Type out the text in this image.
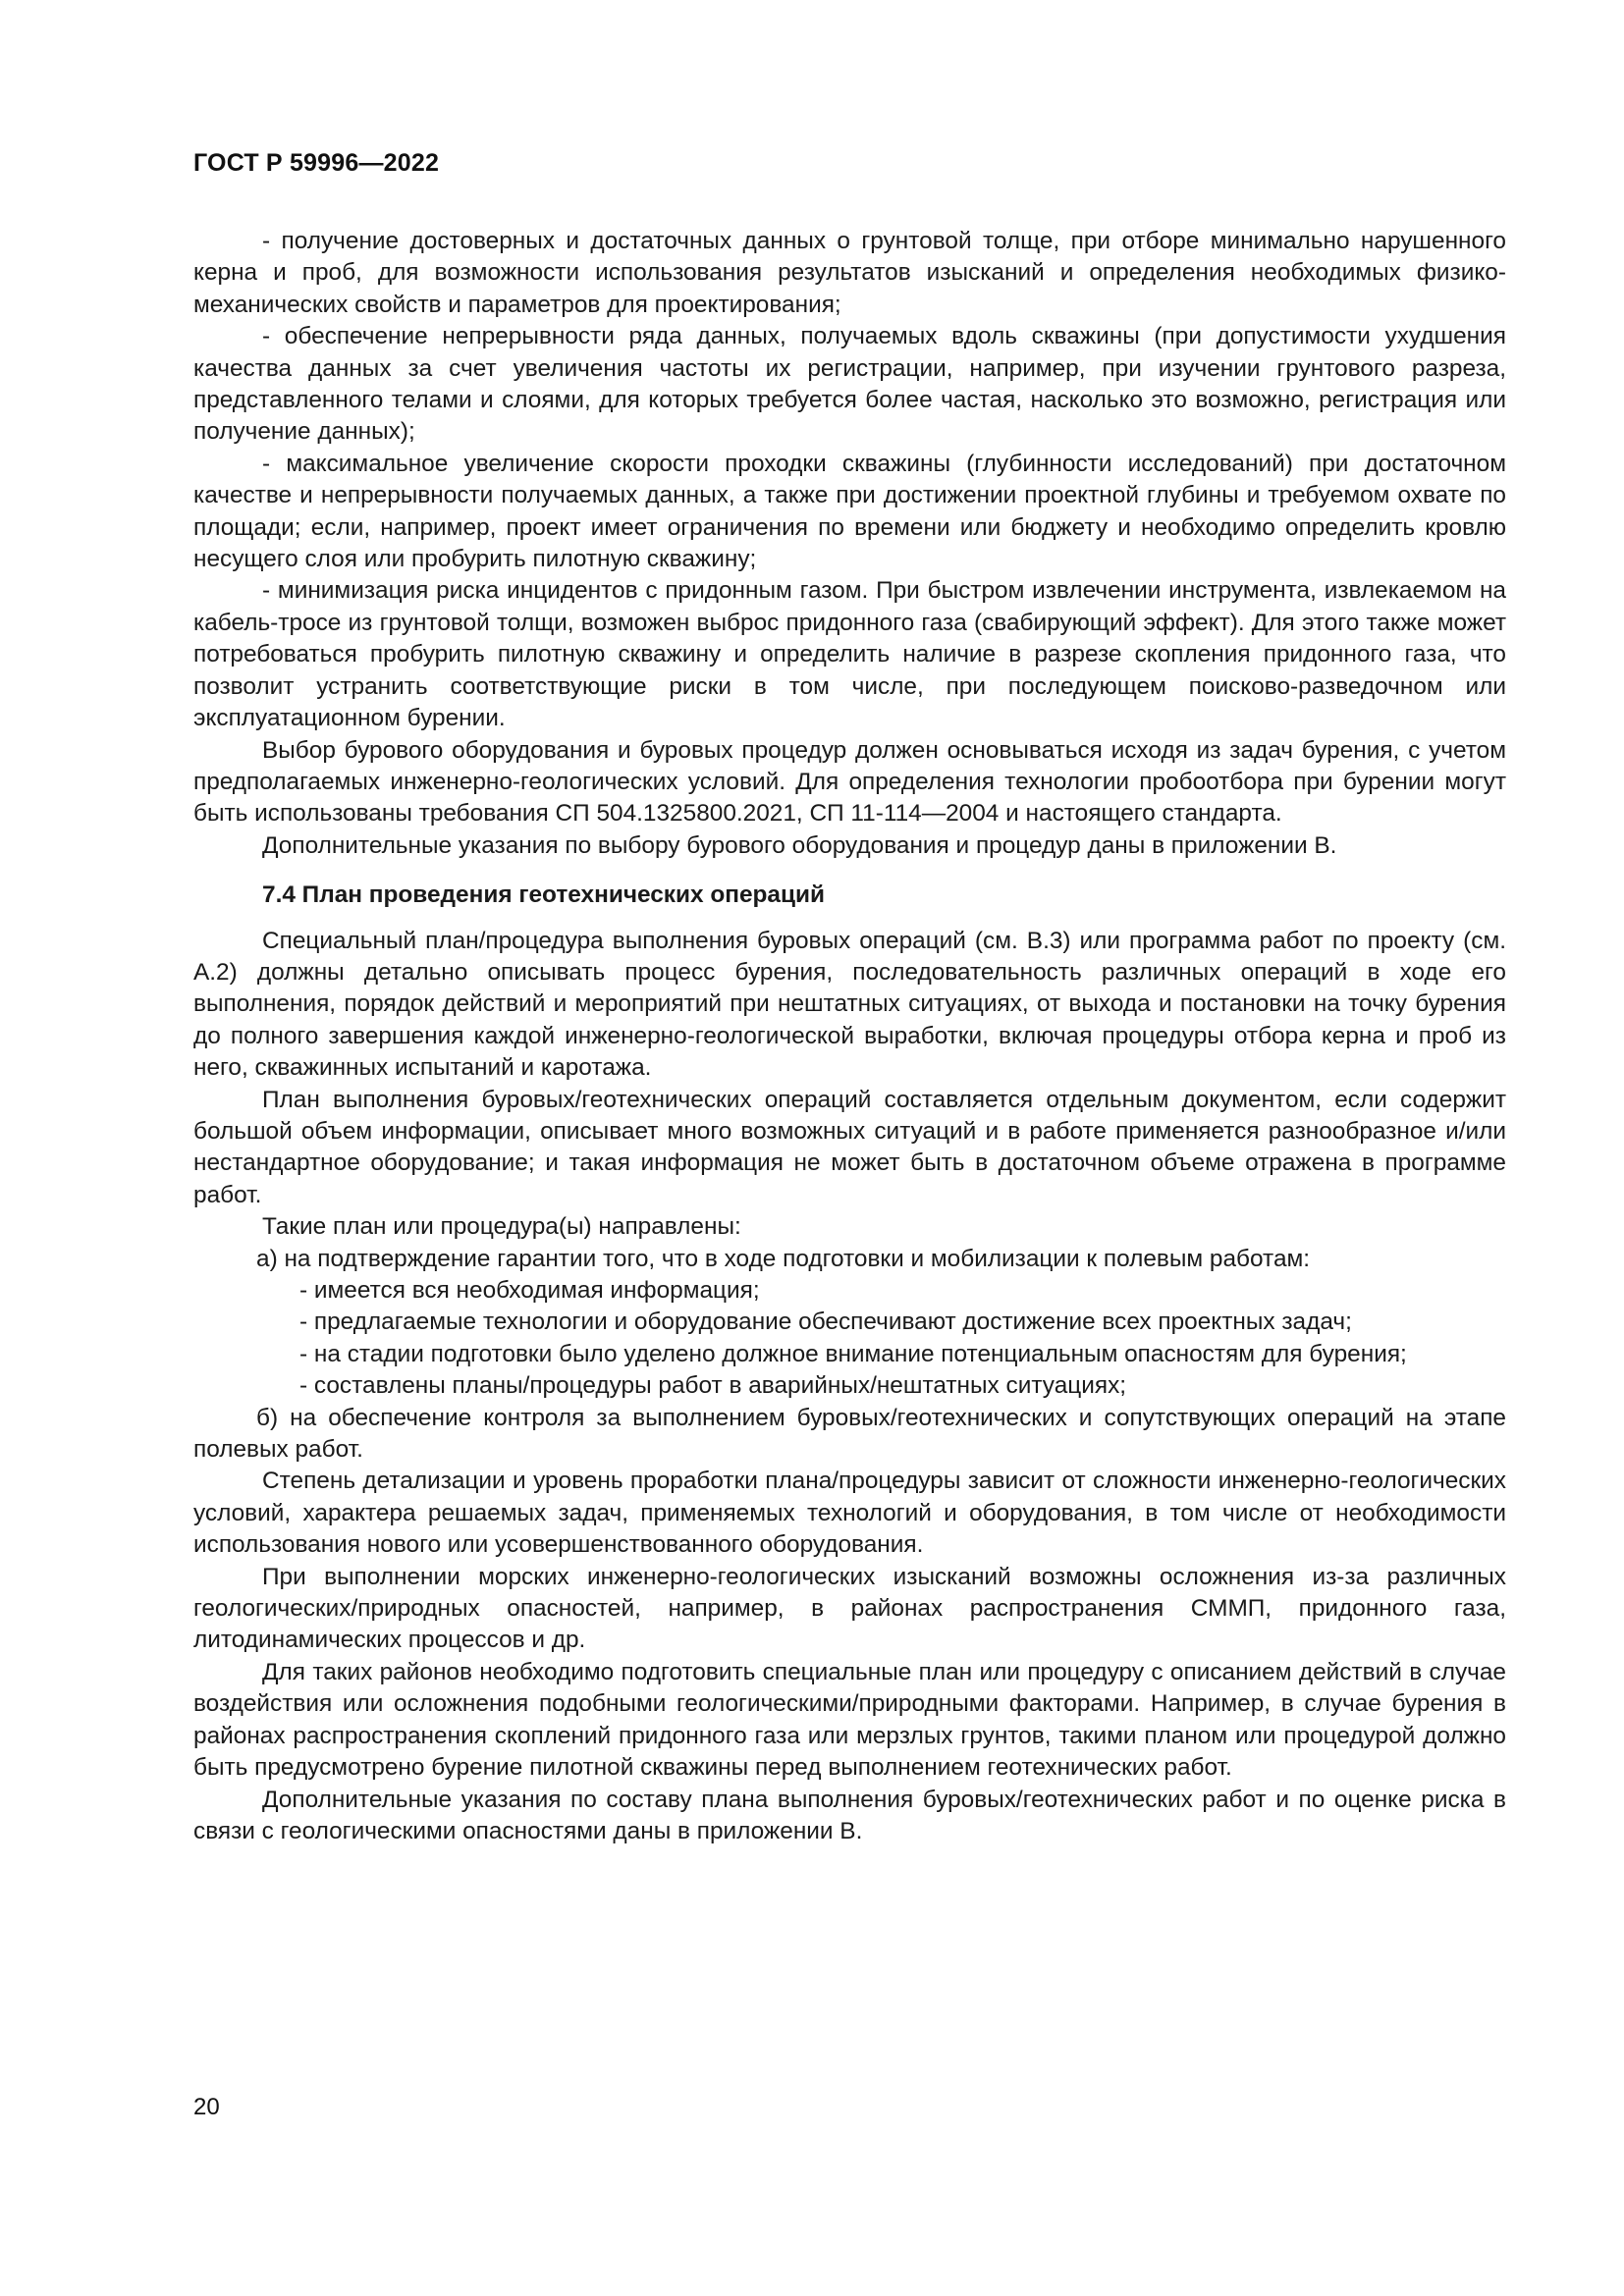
ГОСТ Р 59996—2022

- получение достоверных и достаточных данных о грунтовой толще, при отборе минимально нарушенного керна и проб, для возможности использования результатов изысканий и определения необходимых физико-механических свойств и параметров для проектирования;

- обеспечение непрерывности ряда данных, получаемых вдоль скважины (при допустимости ухудшения качества данных за счет увеличения частоты их регистрации, например, при изучении грунтового разреза, представленного телами и слоями, для которых требуется более частая, насколько это возможно, регистрация или получение данных);

- максимальное увеличение скорости проходки скважины (глубинности исследований) при достаточном качестве и непрерывности получаемых данных, а также при достижении проектной глубины и требуемом охвате по площади; если, например, проект имеет ограничения по времени или бюджету и необходимо определить кровлю несущего слоя или пробурить пилотную скважину;

- минимизация риска инцидентов с придонным газом. При быстром извлечении инструмента, извлекаемом на кабель-тросе из грунтовой толщи, возможен выброс придонного газа (свабирующий эффект). Для этого также может потребоваться пробурить пилотную скважину и определить наличие в разрезе скопления придонного газа, что позволит устранить соответствующие риски в том числе, при последующем поисково-разведочном или эксплуатационном бурении.

Выбор бурового оборудования и буровых процедур должен основываться исходя из задач бурения, с учетом предполагаемых инженерно-геологических условий. Для определения технологии пробоотбора при бурении могут быть использованы требования СП 504.1325800.2021, СП 11-114—2004 и настоящего стандарта.

Дополнительные указания по выбору бурового оборудования и процедур даны в приложении В.

7.4 План проведения геотехнических операций

Специальный план/процедура выполнения буровых операций (см. В.3) или программа работ по проекту (см. А.2) должны детально описывать процесс бурения, последовательность различных операций в ходе его выполнения, порядок действий и мероприятий при нештатных ситуациях, от выхода и постановки на точку бурения до полного завершения каждой инженерно-геологической выработки, включая процедуры отбора керна и проб из него, скважинных испытаний и каротажа.

План выполнения буровых/геотехнических операций составляется отдельным документом, если содержит большой объем информации, описывает много возможных ситуаций и в работе применяется разнообразное и/или нестандартное оборудование; и такая информация не может быть в достаточном объеме отражена в программе работ.

Такие план или процедура(ы) направлены:

а) на подтверждение гарантии того, что в ходе подготовки и мобилизации к полевым работам:

- имеется вся необходимая информация;

- предлагаемые технологии и оборудование обеспечивают достижение всех проектных задач;

- на стадии подготовки было уделено должное внимание потенциальным опасностям для бурения;

- составлены планы/процедуры работ в аварийных/нештатных ситуациях;

б) на обеспечение контроля за выполнением буровых/геотехнических и сопутствующих операций на этапе полевых работ.

Степень детализации и уровень проработки плана/процедуры зависит от сложности инженерно-геологических условий, характера решаемых задач, применяемых технологий и оборудования, в том числе от необходимости использования нового или усовершенствованного оборудования.

При выполнении морских инженерно-геологических изысканий возможны осложнения из-за различных геологических/природных опасностей, например, в районах распространения СММП, придонного газа, литодинамических процессов и др.

Для таких районов необходимо подготовить специальные план или процедуру с описанием действий в случае воздействия или осложнения подобными геологическими/природными факторами. Например, в случае бурения в районах распространения скоплений придонного газа или мерзлых грунтов, такими планом или процедурой должно быть предусмотрено бурение пилотной скважины перед выполнением геотехнических работ.

Дополнительные указания по составу плана выполнения буровых/геотехнических работ и по оценке риска в связи с геологическими опасностями даны в приложении В.

20
